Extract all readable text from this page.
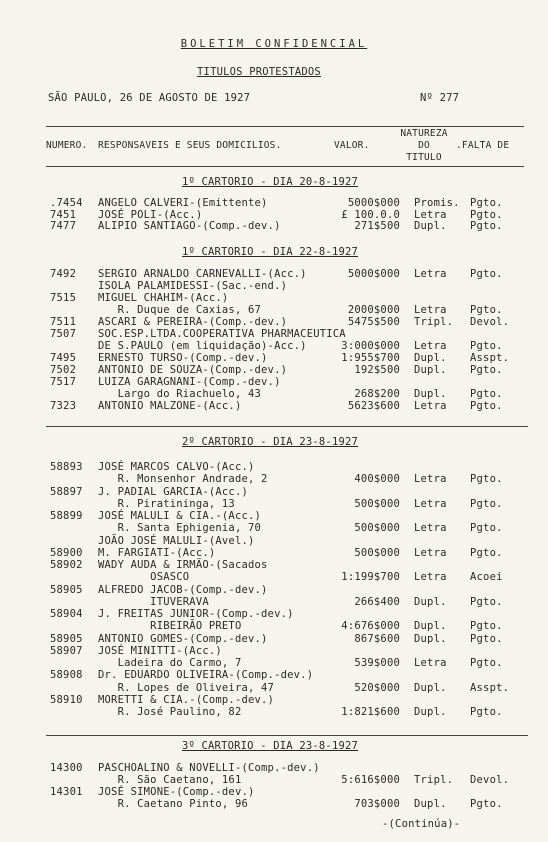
BOLETIM CONFIDENCIAL
TITULOS PROTESTADOS
SÃO PAULO, 26 DE AGOSTO DE 1927	Nº 277
NUMERO. RESPONSAVEIS E SEUS DOMICILIOS.	VALOR.
NATUREZA
DO
TITULO
.FALTA DE
1º CARTORIO - DIA 20-8-1927
.7454 ANGELO CALVERI-(Emittente)	5000$000 Promis. Pgto.
7451 JOSÉ POLI-(Acc.)	£ 100.0.0 Letra Pgto.
7477 ALIPIO SANTIAGO-(Comp.-dev.)	271$500 Dupl. Pgto.
1º CARTORIO - DIA 22-8-1927
7492 SERGIO ARNALDO CARNEVALLI-(Acc.)	5000$000 Letra Pgto.
ISOLA PALAMIDESSI-(Sac.-end.)
7515 MIGUEL CHAHIM-(Acc.)
R. Duque de Caxias, 67	2000$000 Letra Pgto.
7511 ASCARI & PEREIRA-(Comp.-dev.)	5475$500 Tripl. Devol.
7507 SOC.ESP.LTDA.COOPERATIVA PHARMACEUTICA
DE S.PAULO (em liquidação)-Acc.)	3:000$000 Letra Pgto.
7495 ERNESTO TURSO-(Comp.-dev.)	1:955$700 Dupl. Asspt.
7502 ANTONIO DE SOUZA-(Comp.-dev.)	192$500 Dupl. Pgto.
7517 LUIZA GARAGNANI-(Comp.-dev.)
Largo do Riachuelo, 43	268$200 Dupl. Pgto.
7323 ANTONIO MALZONE-(Acc.)	5623$600 Letra Pgto.
2º CARTORIO - DIA 23-8-1927
58893 JOSÉ MARCOS CALVO-(Acc.)
R. Monsenhor Andrade, 2	400$000 Letra Pgto.
58897 J. PADIAL GARCIA-(Acc.)
R. Piratininga, 13	500$000 Letra Pgto.
58899 JOSÉ MALULI & CIA.-(Acc.)
R. Santa Ephigenia, 70	500$000 Letra Pgto.
JOÃO JOSÉ MALULI-(Avel.)
58900 M. FARGIATI-(Acc.)	500$000 Letra Pgto.
58902 WADY AUDA & IRMÃO-(Sacados
OSASCO	1:199$700 Letra Acoei
58905 ALFREDO JACOB-(Comp.-dev.)
ITUVERAVA	266$400 Dupl. Pgto.
58904 J. FREITAS JUNIOR-(Comp.-dev.)
RIBEIRÃO PRETO	4:676$000 Dupl. Pgto.
58905 ANTONIO GOMES-(Comp.-dev.)	867$600 Dupl. Pgto.
58907 JOSÉ MINITTI-(Acc.)
Ladeira do Carmo, 7	539$000 Letra Pgto.
58908 Dr. EDUARDO OLIVEIRA-(Comp.-dev.)
R. Lopes de Oliveira, 47	520$000 Dupl. Asspt.
58910 MORETTI & CIA.-(Comp.-dev.)
R. José Paulino, 82	1:821$600 Dupl. Pgto.
3º CARTORIO - DIA 23-8-1927
14300 PASCHOALINO & NOVELLI-(Comp.-dev.)
R. São Caetano, 161	5:616$000 Tripl. Devol.
14301 JOSÉ SIMONE-(Comp.-dev.)
R. Caetano Pinto, 96	703$000 Dupl. Pgto.
-(Continúa)-
